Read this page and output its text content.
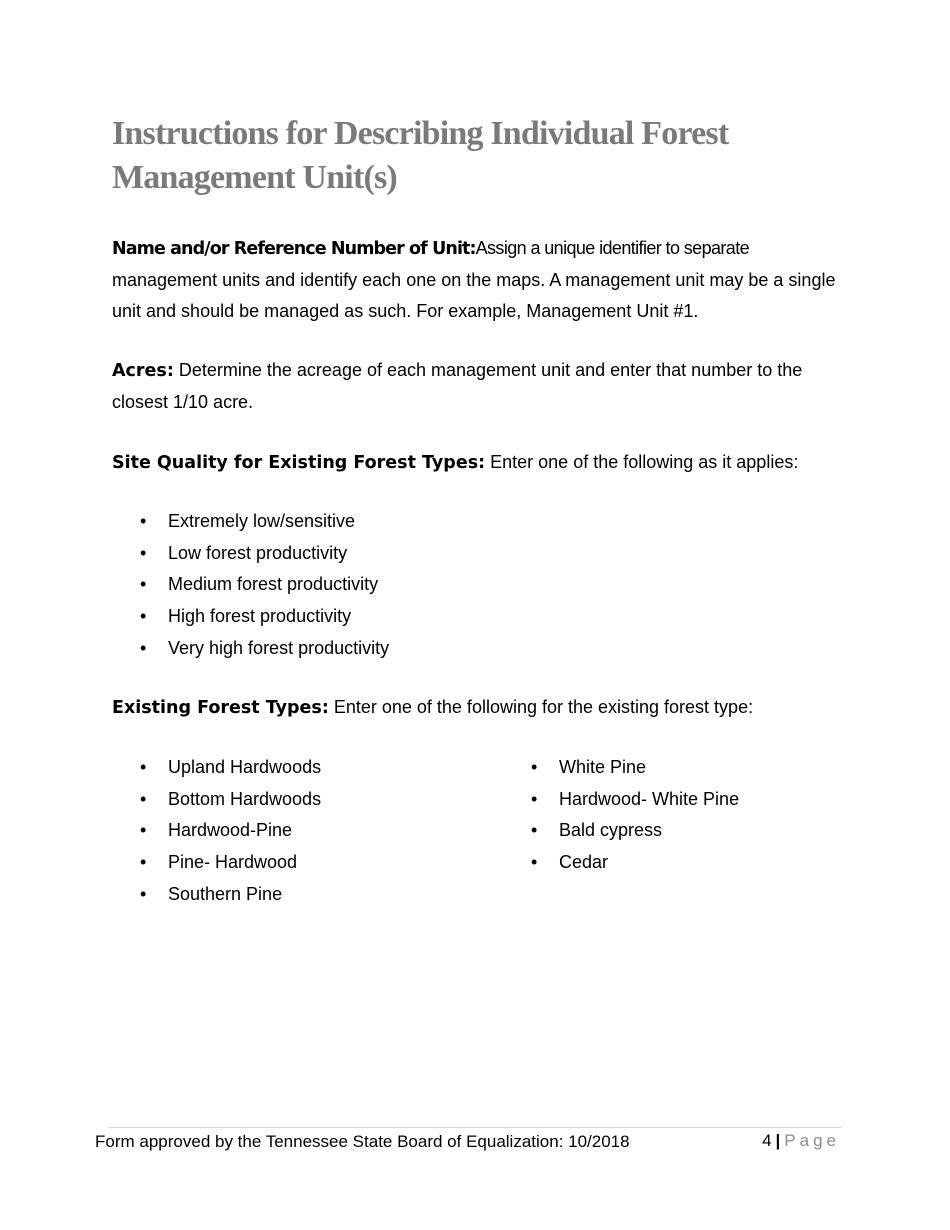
Instructions for Describing Individual Forest Management Unit(s)

Name and/or Reference Number of Unit:Assign a unique identifier to separate management units and identify each one on the maps. A management unit may be a single unit and should be managed as such. For example, Management Unit #1.

Acres: Determine the acreage of each management unit and enter that number to the closest 1/10 acre.

Site Quality for Existing Forest Types: Enter one of the following as it applies:

• Extremely low/sensitive
• Low forest productivity
• Medium forest productivity
• High forest productivity
• Very high forest productivity

Existing Forest Types: Enter one of the following for the existing forest type:

• Upland Hardwoods
• Bottom Hardwoods
• Hardwood-Pine
• Pine- Hardwood
• Southern Pine
• White Pine
• Hardwood- White Pine
• Bald cypress
• Cedar
Form approved by the Tennessee State Board of Equalization: 10/2018	4 | Page
